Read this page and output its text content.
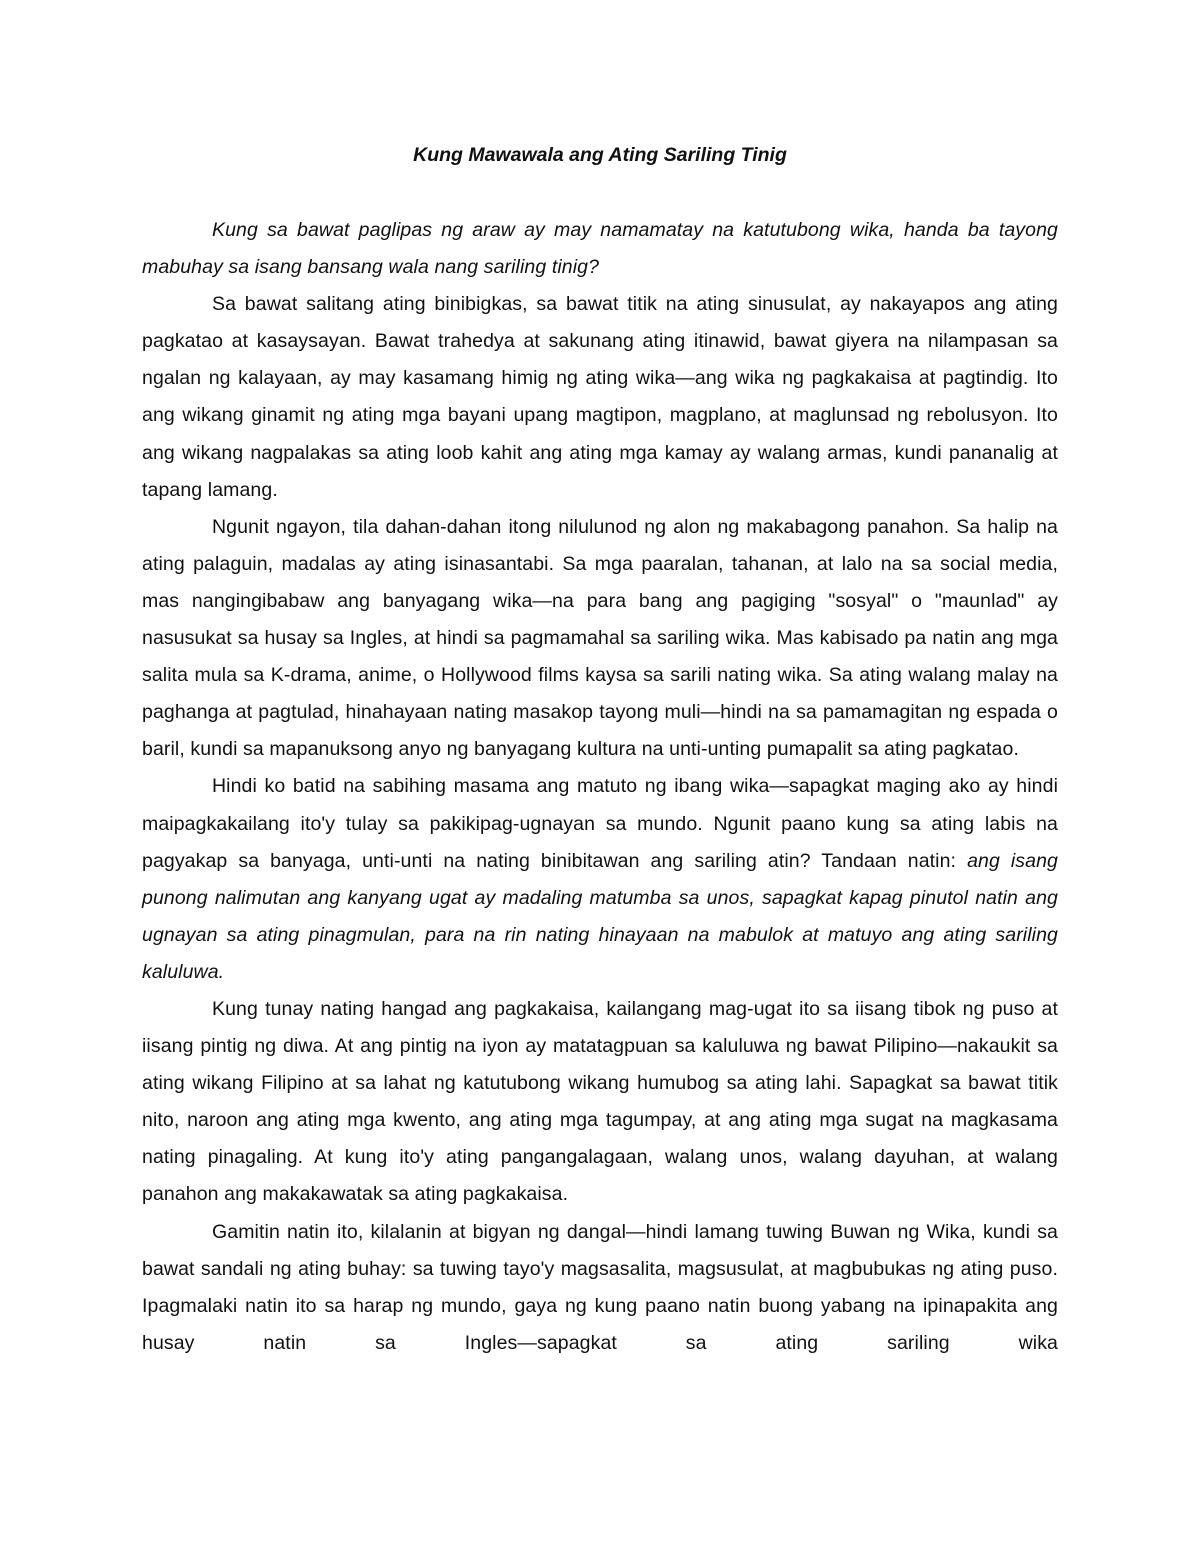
Kung Mawawala ang Ating Sariling Tinig

Kung sa bawat paglipas ng araw ay may namamatay na katutubong wika, handa ba tayong mabuhay sa isang bansang wala nang sariling tinig?

Sa bawat salitang ating binibigkas, sa bawat titik na ating sinusulat, ay nakayapos ang ating pagkatao at kasaysayan. Bawat trahedya at sakunang ating itinawid, bawat giyera na nilampasan sa ngalan ng kalayaan, ay may kasamang himig ng ating wika—ang wika ng pagkakaisa at pagtindig. Ito ang wikang ginamit ng ating mga bayani upang magtipon, magplano, at maglunsad ng rebolusyon. Ito ang wikang nagpalakas sa ating loob kahit ang ating mga kamay ay walang armas, kundi pananalig at tapang lamang.

Ngunit ngayon, tila dahan-dahan itong nilulunod ng alon ng makabagong panahon. Sa halip na ating palaguin, madalas ay ating isinasantabi. Sa mga paaralan, tahanan, at lalo na sa social media, mas nangingibabaw ang banyagang wika—na para bang ang pagiging "sosyal" o "maunlad" ay nasusukat sa husay sa Ingles, at hindi sa pagmamahal sa sariling wika. Mas kabisado pa natin ang mga salita mula sa K-drama, anime, o Hollywood films kaysa sa sarili nating wika. Sa ating walang malay na paghanga at pagtulad, hinahayaan nating masakop tayong muli—hindi na sa pamamagitan ng espada o baril, kundi sa mapanuksong anyo ng banyagang kultura na unti-unting pumapalit sa ating pagkatao.

Hindi ko batid na sabihing masama ang matuto ng ibang wika—sapagkat maging ako ay hindi maipagkakailang ito'y tulay sa pakikipag-ugnayan sa mundo. Ngunit paano kung sa ating labis na pagyakap sa banyaga, unti-unti na nating binibitawan ang sariling atin? Tandaan natin: ang isang punong nalimutan ang kanyang ugat ay madaling matumba sa unos, sapagkat kapag pinutol natin ang ugnayan sa ating pinagmulan, para na rin nating hinayaan na mabulok at matuyo ang ating sariling kaluluwa.

Kung tunay nating hangad ang pagkakaisa, kailangang mag-ugat ito sa iisang tibok ng puso at iisang pintig ng diwa. At ang pintig na iyon ay matatagpuan sa kaluluwa ng bawat Pilipino—nakaukit sa ating wikang Filipino at sa lahat ng katutubong wikang humubog sa ating lahi. Sapagkat sa bawat titik nito, naroon ang ating mga kwento, ang ating mga tagumpay, at ang ating mga sugat na magkasama nating pinagaling. At kung ito'y ating pangangalagaan, walang unos, walang dayuhan, at walang panahon ang makakawatak sa ating pagkakaisa.

Gamitin natin ito, kilalanin at bigyan ng dangal—hindi lamang tuwing Buwan ng Wika, kundi sa bawat sandali ng ating buhay: sa tuwing tayo'y magsasalita, magsusulat, at magbubukas ng ating puso. Ipagmalaki natin ito sa harap ng mundo, gaya ng kung paano natin buong yabang na ipinapakita ang husay natin sa Ingles—sapagkat sa ating sariling wika
